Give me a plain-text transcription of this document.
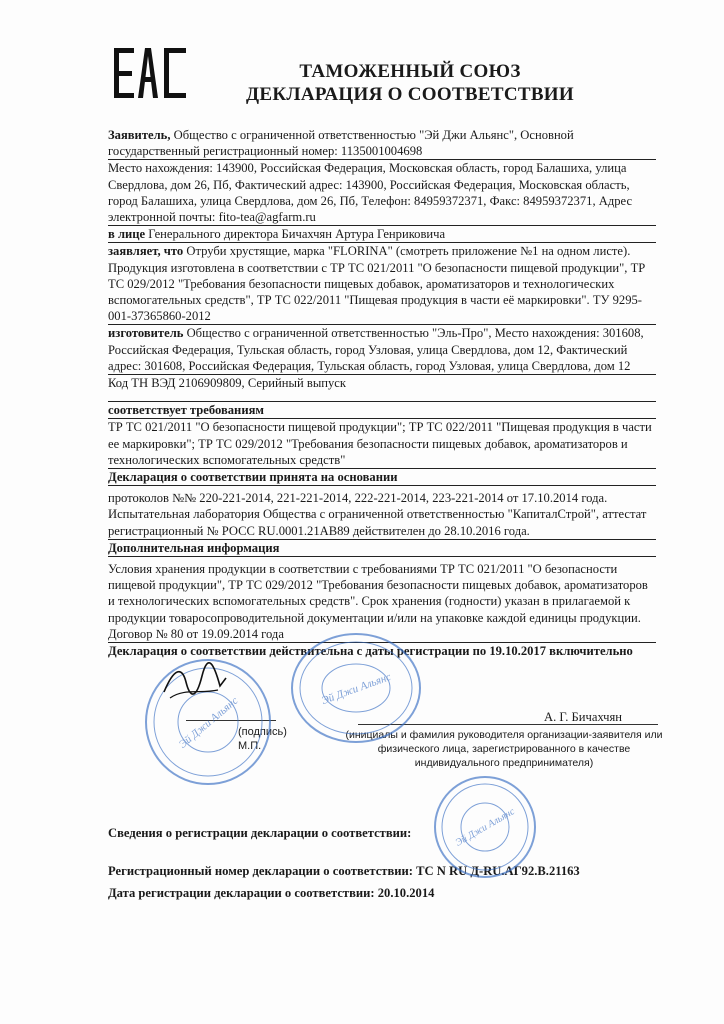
ТАМОЖЕННЫЙ СОЮЗ
ДЕКЛАРАЦИЯ О СООТВЕТСТВИИ

Заявитель, Общество с ограниченной ответственностью "Эй Джи Альянс", Основной государственный регистрационный номер: 1135001004698

Место нахождения: 143900, Российская Федерация, Московская область, город Балашиха, улица Свердлова, дом 26, Пб, Фактический адрес: 143900, Российская Федерация, Московская область, город Балашиха, улица Свердлова, дом 26, Пб, Телефон: 84959372371, Факс: 84959372371, Адрес электронной почты: fito-tea@agfarm.ru

в лице Генерального директора Бичахчян Артура Генриковича

заявляет, что Отруби хрустящие, марка "FLORINA" (смотреть приложение №1 на одном листе). Продукция изготовлена в соответствии с ТР ТС 021/2011 "О безопасности пищевой продукции", ТР ТС 029/2012 "Требования безопасности пищевых добавок, ароматизаторов и технологических вспомогательных средств", ТР ТС 022/2011 "Пищевая продукция в части её маркировки". ТУ 9295-001-37365860-2012

изготовитель Общество с ограниченной ответственностью "Эль-Про", Место нахождения: 301608, Российская Федерация, Тульская область, город Узловая, улица Свердлова, дом 12, Фактический адрес: 301608, Российская Федерация, Тульская область, город Узловая, улица Свердлова, дом 12

Код ТН ВЭД 2106909809, Серийный выпуск

соответствует требованиям

ТР ТС 021/2011 "О безопасности пищевой продукции"; ТР ТС 022/2011 "Пищевая продукция в части ее маркировки"; ТР ТС 029/2012 "Требования безопасности пищевых добавок, ароматизаторов и технологических вспомогательных средств"

Декларация о соответствии принята на основании

протоколов №№ 220-221-2014, 221-221-2014, 222-221-2014, 223-221-2014 от 17.10.2014 года. Испытательная лаборатория Общества с ограниченной ответственностью "КапиталСтрой", аттестат регистрационный № РОСС RU.0001.21АВ89 действителен до 28.10.2016 года.

Дополнительная информация

Условия хранения продукции в соответствии с требованиями ТР ТС 021/2011 "О безопасности пищевой продукции", ТР ТС 029/2012 "Требования безопасности пищевых добавок, ароматизаторов и технологических вспомогательных средств". Срок хранения (годности) указан в прилагаемой к продукции товаросопроводительной документации и/или на упаковке каждой единицы продукции. Договор № 80 от 19.09.2014 года

Декларация о соответствии действительна с даты регистрации по 19.10.2017 включительно

(подпись)
М.П.
А. Г. Бичахчян
(инициалы и фамилия руководителя организации-заявителя или физического лица, зарегистрированного в качестве индивидуального предпринимателя)
Сведения о регистрации декларации о соответствии:
Регистрационный номер декларации о соответствии: ТС N RU Д-RU.АГ92.В.21163
Дата регистрации декларации о соответствии: 20.10.2014
Эй Джи Альянс
Эй Джи Альянс
Эй Джи Альянс
